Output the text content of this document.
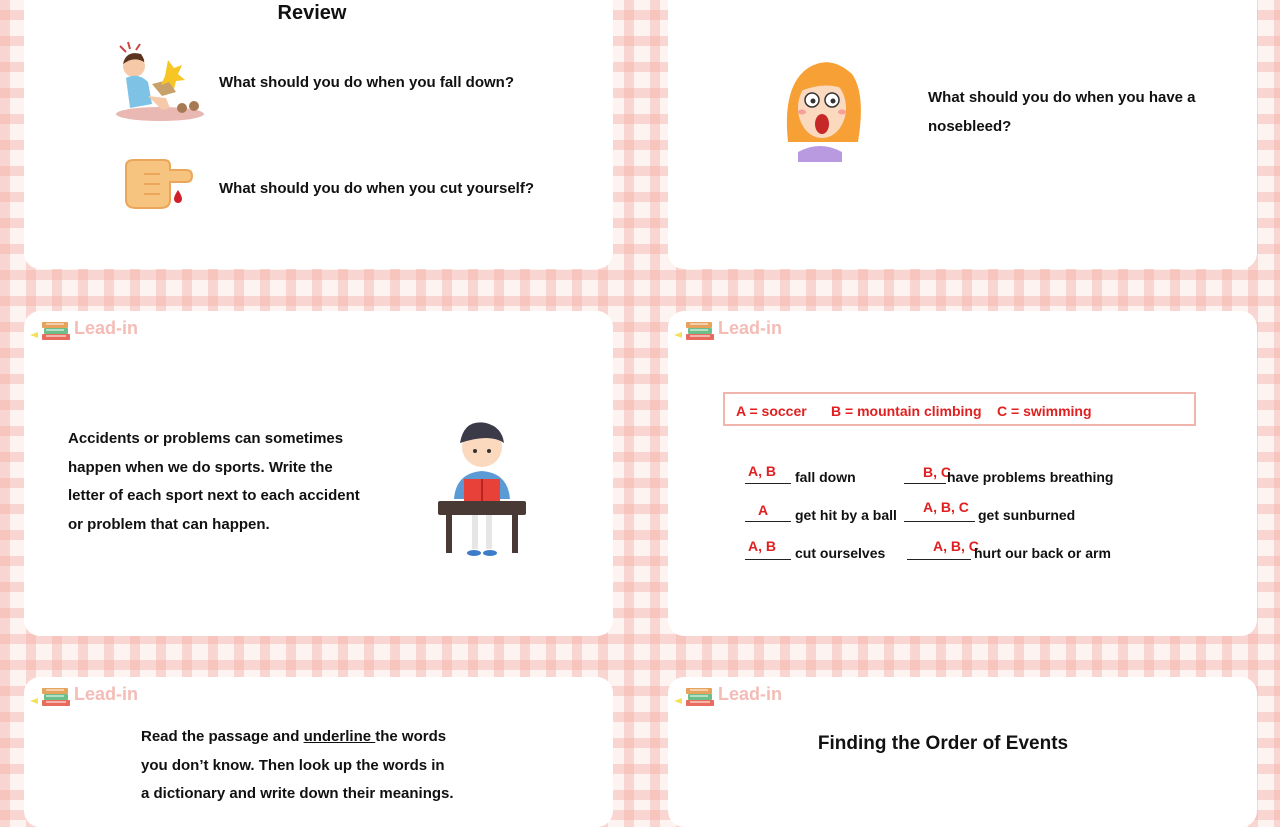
Review
What should you do when you fall down?
What should you do when you cut yourself?
What should you do when you have a
nosebleed?
Lead-in
Accidents or problems can sometimes
happen when we do sports. Write the
letter of each sport next to each accident
or problem that can happen.
Lead-in
A = soccer B = mountain climbing C = swimming
A, B fall down	B, C
have problems breathing
A get hit by a ball A, B, C get sunburned
A, B cut ourselves	A, B, C
hurt our back or arm
Lead-in
Read the passage and underline the words
you don’t know. Then look up the words in
a dictionary and write down their meanings.
Lead-in
Finding the Order of Events
